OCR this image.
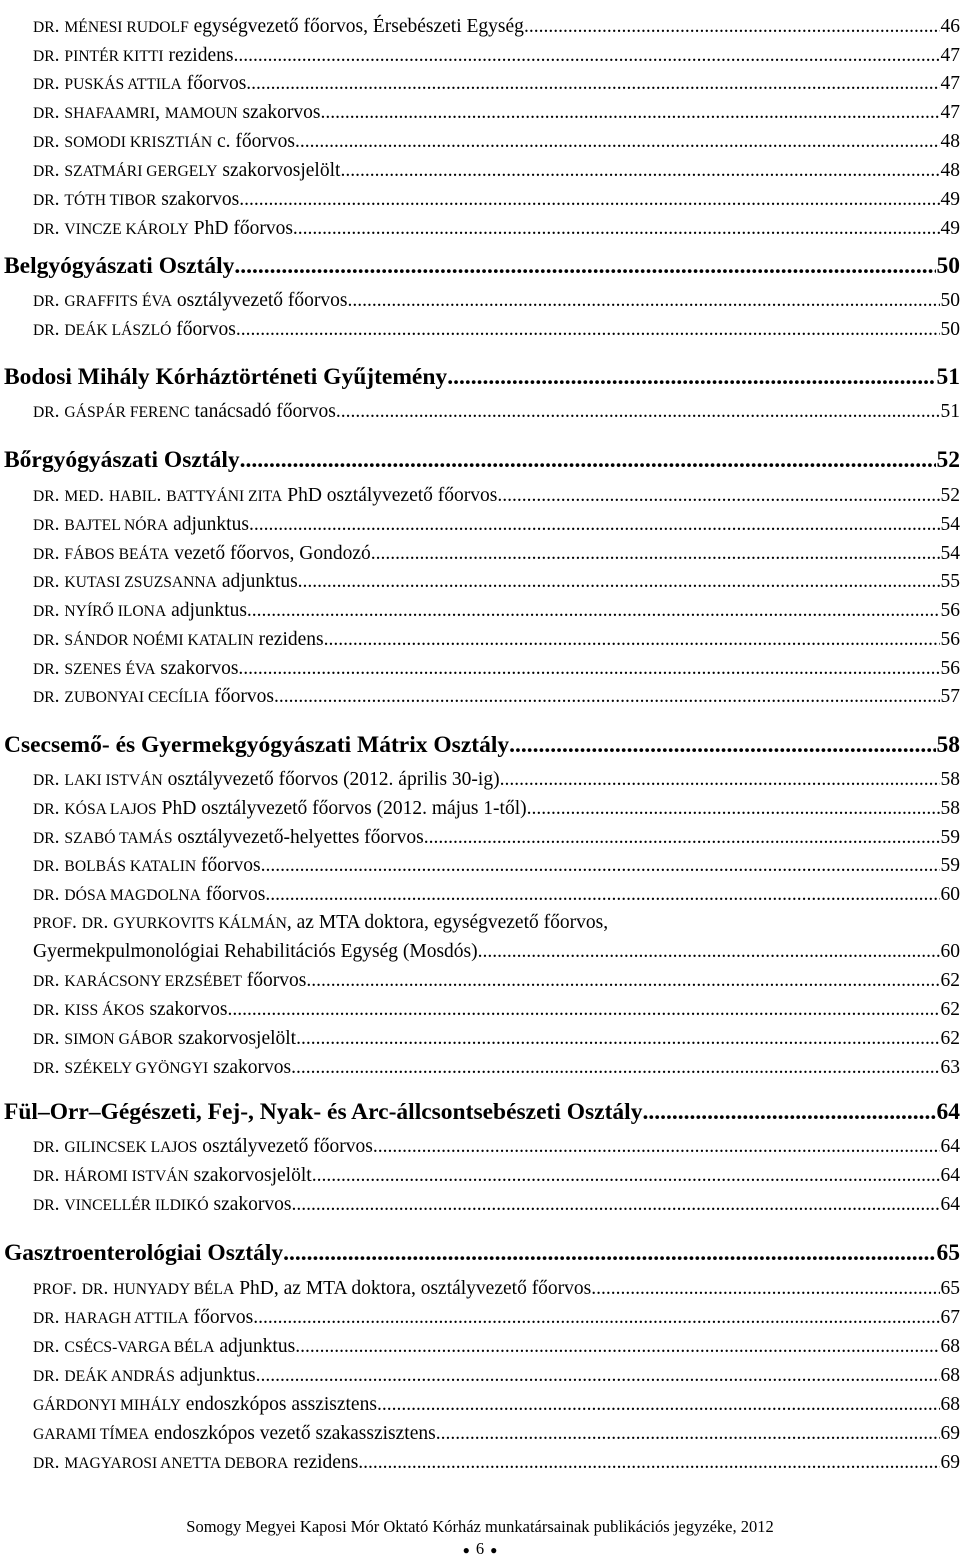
DR. MÉNESI RUDOLF egységvezető főorvos, Érsebészeti Egység .....	46
DR. PINTÉR KITTI rezidens .....	47
DR. PUSKÁS ATTILA főorvos .....	47
DR. SHAFAAMRI, MAMOUN szakorvos .....	47
DR. SOMODI KRISZTIÁN c. főorvos .....	48
DR. SZATMÁRI GERGELY szakorvosjelölt .....	48
DR. TÓTH TIBOR szakorvos .....	49
DR. VINCZE KÁROLY PhD főorvos .....	49
Belgyógyászati Osztály .....	50
DR. GRAFFITS ÉVA osztályvezető főorvos .....	50
DR. DEÁK LÁSZLÓ főorvos .....	50
Bodosi Mihály Kórháztörténeti Gyűjtemény .....	51
DR. GÁSPÁR FERENC tanácsadó főorvos .....	51
Bőrgyógyászati Osztály .....	52
DR. MED. HABIL. BATTYÁNI ZITA PhD osztályvezető főorvos .....	52
DR. BAJTEL NÓRA adjunktus .....	54
DR. FÁBOS BEÁTA vezető főorvos, Gondozó .....	54
DR. KUTASI ZSUZSANNA adjunktus .....	55
DR. NYÍRŐ ILONA adjunktus .....	56
DR. SÁNDOR NOÉMI KATALIN rezidens .....	56
DR. SZENES ÉVA szakorvos .....	56
DR. ZUBONYAI CECÍLIA főorvos .....	57
Csecsemő- és Gyermekgyógyászati Mátrix Osztály .....	58
DR. LAKI ISTVÁN osztályvezető főorvos (2012. április 30-ig) .....	58
DR. KÓSA LAJOS PhD osztályvezető főorvos (2012. május 1-től) .....	58
DR. SZABÓ TAMÁS osztályvezető-helyettes főorvos .....	59
DR. BOLBÁS KATALIN főorvos .....	59
DR. DÓSA MAGDOLNA főorvos .....	60
PROF. DR. GYURKOVITS KÁLMÁN, az MTA doktora, egységvezető főorvos,
Gyermekpulmonológiai Rehabilitációs Egység (Mosdós) .....	60
DR. KARÁCSONY ERZSÉBET főorvos .....	62
DR. KISS ÁKOS szakorvos .....	62
DR. SIMON GÁBOR szakorvosjelölt .....	62
DR. SZÉKELY GYÖNGYI szakorvos .....	63
Fül–Orr–Gégészeti, Fej-, Nyak- és Arc-állcsontsebészeti Osztály .....	64
DR. GILINCSEK LAJOS osztályvezető főorvos .....	64
DR. HÁROMI ISTVÁN szakorvosjelölt .....	64
DR. VINCELLÉR ILDIKÓ szakorvos .....	64
Gasztroenterológiai Osztály .....	65
PROF. DR. HUNYADY BÉLA PhD, az MTA doktora, osztályvezető főorvos .....	65
DR. HARAGH ATTILA főorvos .....	67
DR. CSÉCS-VARGA BÉLA adjunktus .....	68
DR. DEÁK ANDRÁS adjunktus .....	68
GÁRDONYI MIHÁLY endoszkópos asszisztens .....	68
GARAMI TÍMEA endoszkópos vezető szakasszisztens .....	69
DR. MAGYAROSI ANETTA DEBORA rezidens .....	69
Somogy Megyei Kaposi Mór Oktató Kórház munkatársainak publikációs jegyzéke, 2012
● 6 ●
